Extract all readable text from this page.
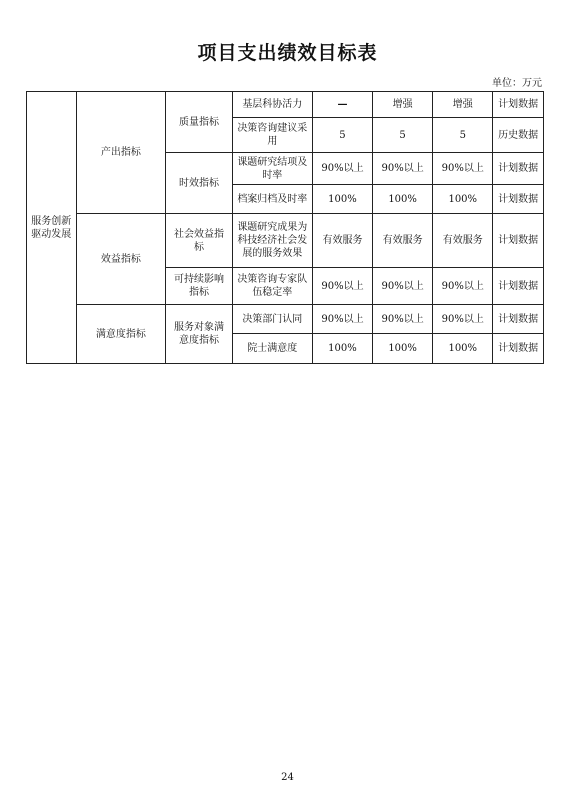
项目支出绩效目标表
单位：万元
服务创新驱动发展	产出指标	质量指标	基层科协活力	—	增强	增强	计划数据
			决策咨询建议采用	5	5	5	历史数据
		时效指标	课题研究结项及时率	90%以上	90%以上	90%以上	计划数据
			档案归档及时率	100%	100%	100%	计划数据
	效益指标	社会效益指标	课题研究成果为科技经济社会发展的服务效果	有效服务	有效服务	有效服务	计划数据
		可持续影响指标	决策咨询专家队伍稳定率	90%以上	90%以上	90%以上	计划数据
	满意度指标	服务对象满意度指标	决策部门认同	90%以上	90%以上	90%以上	计划数据
			院士满意度	100%	100%	100%	计划数据
24
